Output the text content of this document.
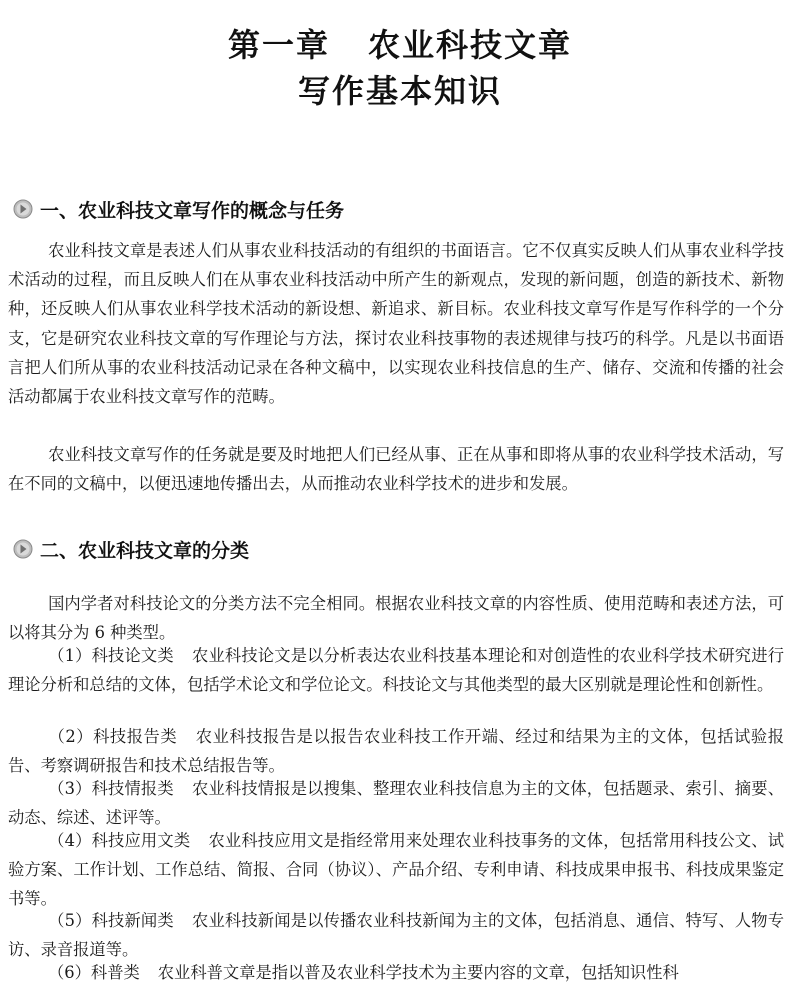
第一章 农业科技文章
写作基本知识
一、农业科技文章写作的概念与任务

农业科技文章是表述人们从事农业科技活动的有组织的书面语言。它不仅真实反映人们从事农业科学技术活动的过程，而且反映人们在从事农业科技活动中所产生的新观点，发现的新问题，创造的新技术、新物种，还反映人们从事农业科学技术活动的新设想、新追求、新目标。农业科技文章写作是写作科学的一个分支，它是研究农业科技文章的写作理论与方法，探讨农业科技事物的表述规律与技巧的科学。凡是以书面语言把人们所从事的农业科技活动记录在各种文稿中，以实现农业科技信息的生产、储存、交流和传播的社会活动都属于农业科技文章写作的范畴。

农业科技文章写作的任务就是要及时地把人们已经从事、正在从事和即将从事的农业科学技术活动，写在不同的文稿中，以便迅速地传播出去，从而推动农业科学技术的进步和发展。

二、农业科技文章的分类

国内学者对科技论文的分类方法不完全相同。根据农业科技文章的内容性质、使用范畴和表述方法，可以将其分为 6 种类型。

（1）科技论文类 农业科技论文是以分析表达农业科技基本理论和对创造性的农业科学技术研究进行理论分析和总结的文体，包括学术论文和学位论文。科技论文与其他类型的最大区别就是理论性和创新性。

（2）科技报告类 农业科技报告是以报告农业科技工作开端、经过和结果为主的文体，包括试验报告、考察调研报告和技术总结报告等。

（3）科技情报类 农业科技情报是以搜集、整理农业科技信息为主的文体，包括题录、索引、摘要、动态、综述、述评等。

（4）科技应用文类 农业科技应用文是指经常用来处理农业科技事务的文体，包括常用科技公文、试验方案、工作计划、工作总结、简报、合同（协议）、产品介绍、专利申请、科技成果申报书、科技成果鉴定书等。

（5）科技新闻类 农业科技新闻是以传播农业科技新闻为主的文体，包括消息、通信、特写、人物专访、录音报道等。

（6）科普类 农业科普文章是指以普及农业科学技术为主要内容的文章，包括知识性科
